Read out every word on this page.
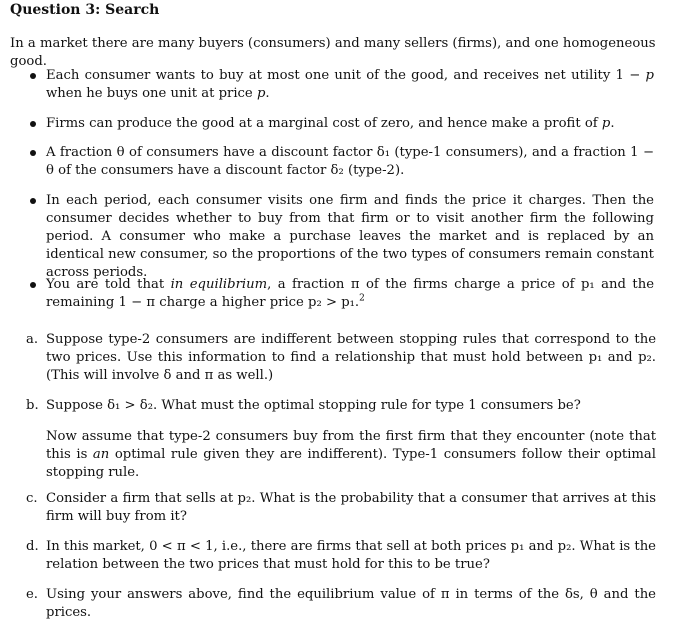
Question 3: Search
In a market there are many buyers (consumers) and many sellers (firms), and one homogeneous good.
Each consumer wants to buy at most one unit of the good, and receives net utility 1 − p when he buys one unit at price p.
Firms can produce the good at a marginal cost of zero, and hence make a profit of p.
A fraction θ of consumers have a discount factor δ₁ (type-1 consumers), and a fraction 1 − θ of the consumers have a discount factor δ₂ (type-2).
In each period, each consumer visits one firm and finds the price it charges. Then the consumer decides whether to buy from that firm or to visit another firm the following period. A consumer who make a purchase leaves the market and is replaced by an identical new consumer, so the proportions of the two types of consumers remain constant across periods.
You are told that in equilibrium, a fraction π of the firms charge a price of p₁ and the remaining 1 − π charge a higher price p₂ > p₁.$^2$
a. Suppose type-2 consumers are indifferent between stopping rules that correspond to the two prices. Use this information to find a relationship that must hold between p₁ and p₂. (This will involve δ and π as well.)
b. Suppose δ₁ > δ₂. What must the optimal stopping rule for type 1 consumers be?
Now assume that type-2 consumers buy from the first firm that they encounter (note that this is an optimal rule given they are indifferent). Type-1 consumers follow their optimal stopping rule.
c. Consider a firm that sells at p₂. What is the probability that a consumer that arrives at this firm will buy from it?
d. In this market, 0 < π < 1, i.e., there are firms that sell at both prices p₁ and p₂. What is the relation between the two prices that must hold for this to be true?
e. Using your answers above, find the equilibrium value of π in terms of the δs, θ and the prices.
